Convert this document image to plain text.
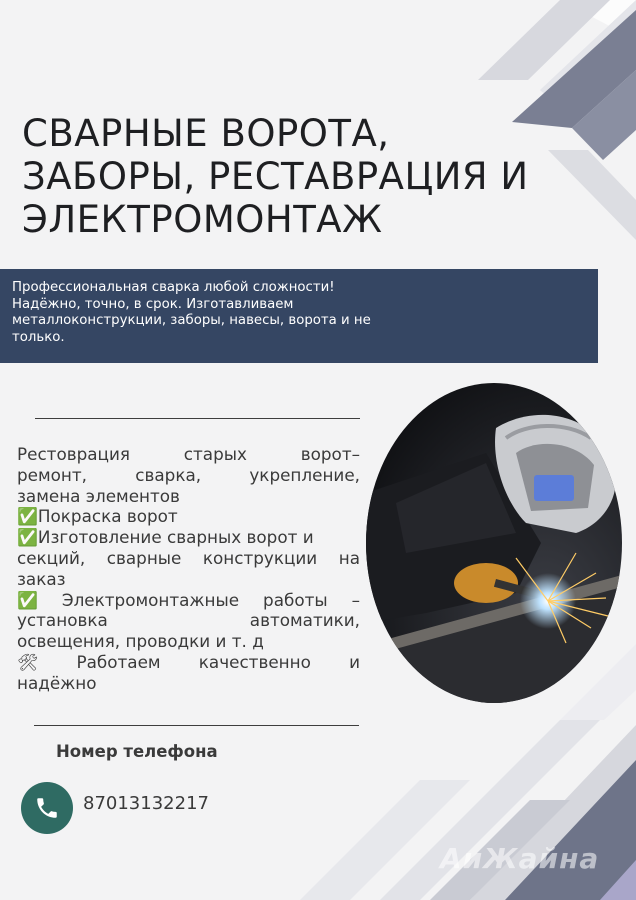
СВАРНЫЕ ВОРОТА,
ЗАБОРЫ, РЕСТАВРАЦИЯ И
ЭЛЕКТРОМОНТАЖ
Профессиональная сварка любой сложности!
Надёжно, точно, в срок. Изготавливаем
металлоконструкции, заборы, навесы, ворота и не
только.
Рестоврация	старых	ворот–
ремонт,	сварка,	укрепление,
замена элементов
✅Покраска ворот
✅Изготовление сварных ворот и
секций, сварные конструкции на
заказ
✅ Электромонтажные работы –
установка	автоматики,
освещения, проводки и т. д
🛠 Работаем качественно и
надёжно
Номер телефона
87013132217
АиЖайна
